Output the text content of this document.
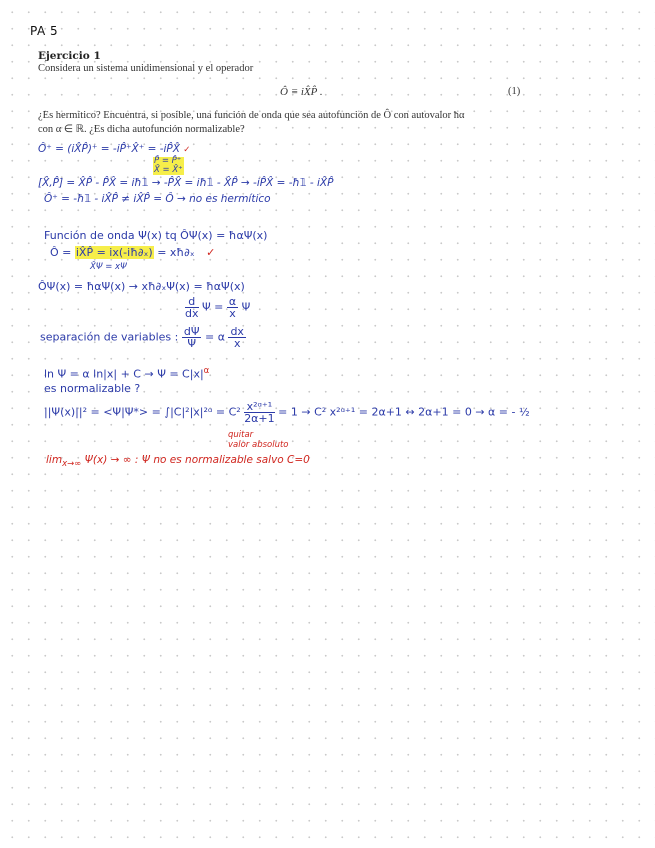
PA 5
Ejercicio 1
Considera un sistema unidimensional y el operador
Ô ≡ iX̂P̂ .	(1)
¿Es hermítico? Encuentra, si posible, una función de onda que sea autofunción de Ô con autovalor ħα
con α ∈ ℝ. ¿Es dicha autofunción normalizable?
Ô⁺ = (iX̂P̂)⁺ = -iP̂⁺X̂⁺ = -iP̂X̂ ✓
P̂ = P̂⁺
X̂ = X̂⁺
[X̂,P̂] = X̂P̂ - P̂X̂ = iħ𝟙 → -P̂X̂ = iħ𝟙 - X̂P̂ → -iP̂X̂ = -ħ𝟙 - iX̂P̂
Ô⁺ = -ħ𝟙 - iX̂P̂ ≠ iX̂P̂ = Ô → no es hermítico
Función de onda Ψ(x) tq ÔΨ(x) = ħαΨ(x)
Ô = iX̂P̂ = ix(-iħ∂ₓ) = xħ∂ₓ ✓
X̂Ψ = xΨ
ÔΨ(x) = ħαΨ(x) → xħ∂ₓΨ(x) = ħαΨ(x)
$\frac{d}{dx}$ $\Psi = \frac{\alpha}{x}$ Ψ
separación de variables : $\frac{d\Psi}{\Psi} = \alpha \frac{dx}{x}$
ln Ψ = α $\ln|x| + C \to \Psi = C|x|^\alpha$
es normalizable ?
||Ψ(x)||² = <Ψ|Ψ*> = ∫|C|²|x|²ᵅ = $C^2 \frac{\text{x²ᵅ⁺¹}}{2\alpha+1} = 1 \to C^2$ x²ᵅ⁺¹ = 2α+1 ↔ 2α+1 = 0 → α = - ½
quitar
valor absoluto
$\lim_{x\to\infty} \Psi(x)$ → ∞ : Ψ no es normalizable salvo C=0
